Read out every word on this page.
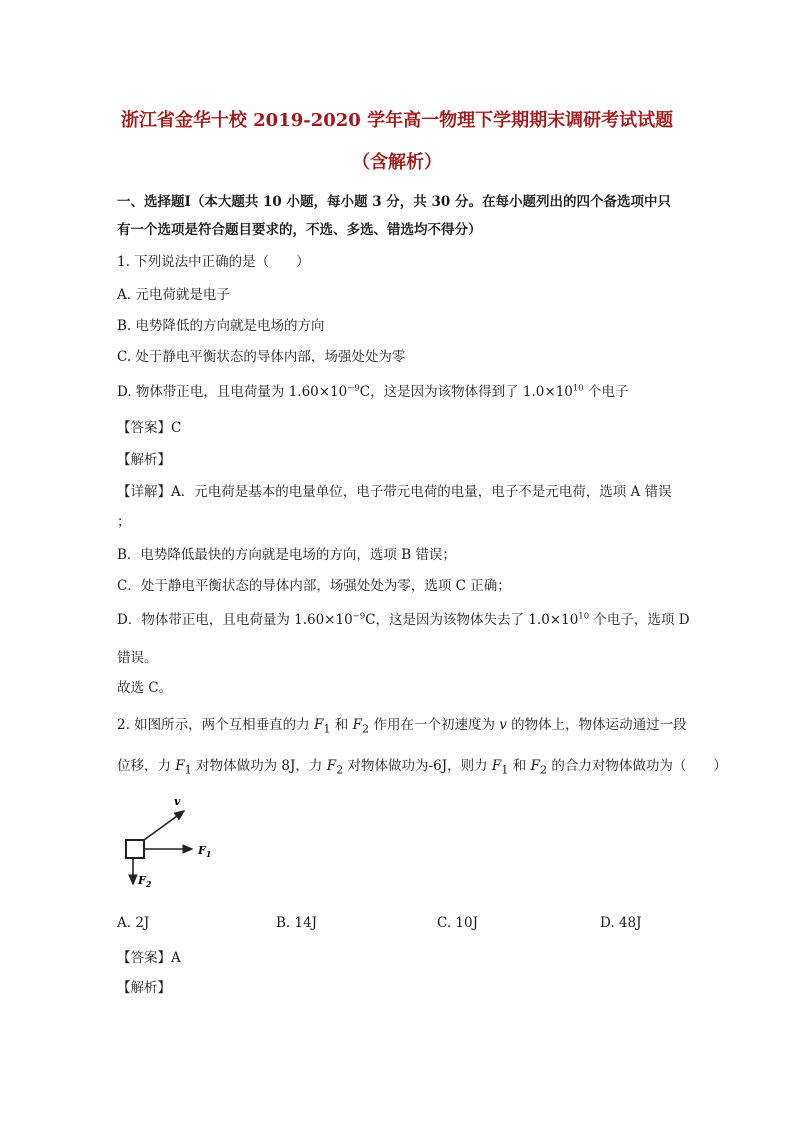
浙江省金华十校 2019-2020 学年高一物理下学期期末调研考试试题
（含解析）
一、选择题Ⅰ（本大题共 10 小题，每小题 3 分，共 30 分。在每小题列出的四个备选项中只
有一个选项是符合题目要求的，不选、多选、错选均不得分）
1. 下列说法中正确的是（　　）
A. 元电荷就是电子
B. 电势降低的方向就是电场的方向
C. 处于静电平衡状态的导体内部，场强处处为零
D. 物体带正电，且电荷量为 $1.60\times 10^{-9}C$，这是因为该物体得到了 $1.0\times 10^{10}$ 个电子
【答案】C
【解析】
【详解】A．元电荷是基本的电量单位，电子带元电荷的电量，电子不是元电荷，选项 A 错误
；
B．电势降低最快的方向就是电场的方向，选项 B 错误；
C．处于静电平衡状态的导体内部，场强处处为零，选项 C 正确；
D．物体带正电，且电荷量为 $1.60\times 10^{-9}C$，这是因为该物体失去了 $1.0\times 10^{10}$ 个电子，选项 D
错误。
故选 C。
2. 如图所示，两个互相垂直的力 $F_1$ 和 $F_2$ 作用在一个初速度为 v 的物体上，物体运动通过一段
位移，力 $F_1$ 对物体做功为 8J，力 $F_2$ 对物体做功为-6J，则力 $F_1$ 和 $F_2$ 的合力对物体做功为（　　）
v
$F_1$
$F_2$
A. 2J	B. 14J	C. 10J	D. 48J
【答案】A
【解析】
